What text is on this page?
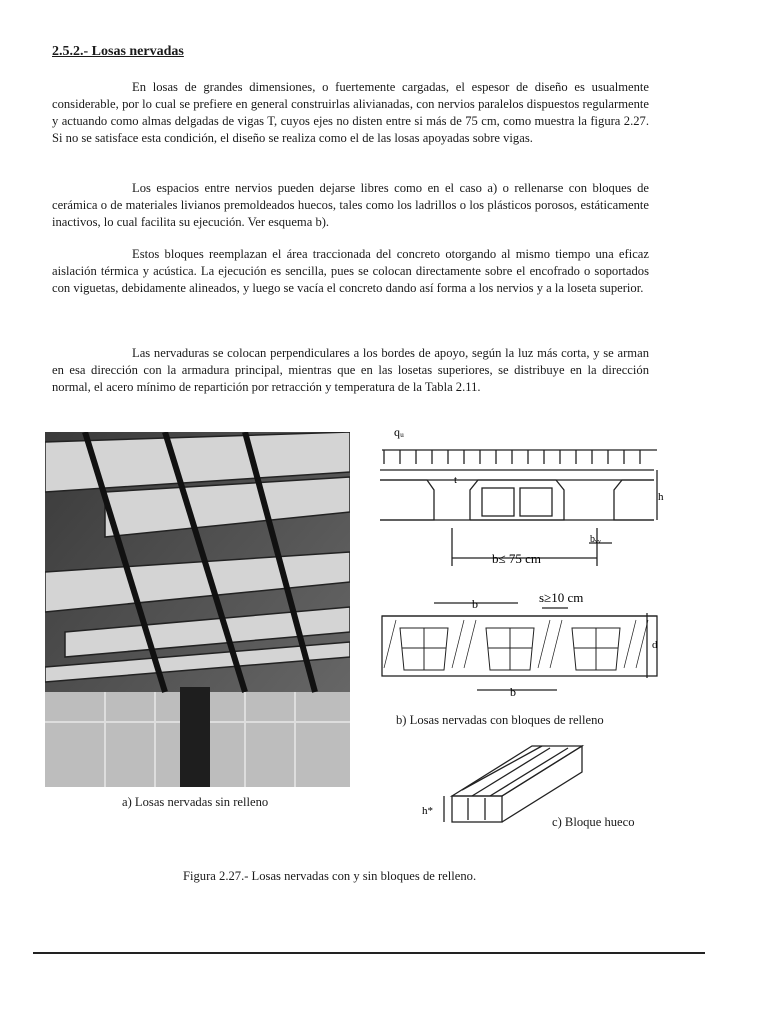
2.5.2.- Losas nervadas

En losas de grandes dimensiones, o fuertemente cargadas, el espesor de diseño es usualmente considerable, por lo cual se prefiere en general construirlas alivianadas, con nervios paralelos dispuestos regularmente y actuando como almas delgadas de vigas T, cuyos ejes no disten entre si más de 75 cm, como muestra la figura 2.27. Si no se satisface esta condición, el diseño se realiza como el de las losas apoyadas sobre vigas.

Los espacios entre nervios pueden dejarse libres como en el caso a) o rellenarse con bloques de cerámica o de materiales livianos premoldeados huecos, tales como los ladrillos o los plásticos porosos, estáticamente inactivos, lo cual facilita su ejecución. Ver esquema b).

Estos bloques reemplazan el área traccionada del concreto otorgando al mismo tiempo una eficaz aislación térmica y acústica. La ejecución es sencilla, pues se colocan directamente sobre el encofrado o soportados con viguetas, debidamente alineados, y luego se vacía el concreto dando así forma a los nervios y a la loseta superior.

Las nervaduras se colocan perpendiculares a los bordes de apoyo, según la luz más corta, y se arman en esa dirección con la armadura principal, mientras que en las losetas superiores, se distribuye en la dirección normal, el acero mínimo de repartición por retracción y temperatura de la Tabla 2.11.

a) Losas nervadas sin relleno
qᵤ
t
h
bᵥᵥ
b≤ 75 cm
b	s≥10 cm
d
b
h*
b) Losas nervadas con bloques de relleno
c) Bloque hueco
Figura 2.27.- Losas nervadas con y sin bloques de relleno.
